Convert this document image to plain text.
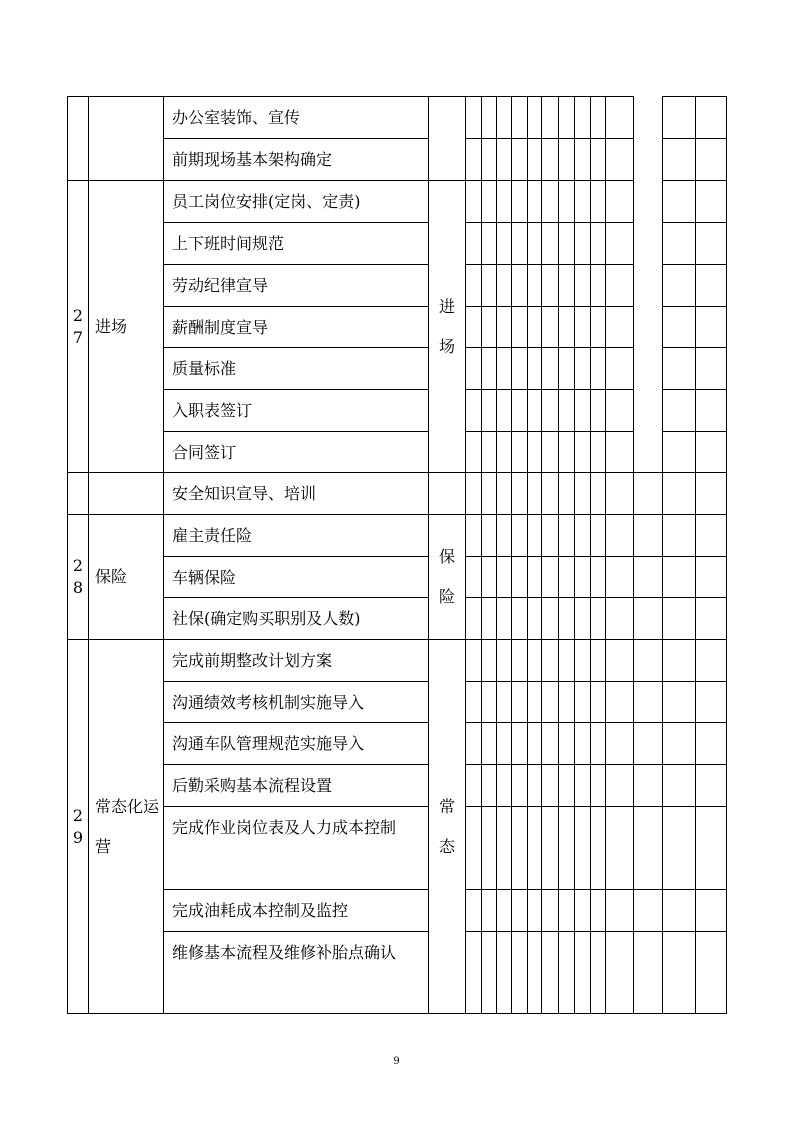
办公室装饰、宣传
前期现场基本架构确定
27
进场
进场
员工岗位安排(定岗、定责)
上下班时间规范
劳动纪律宣导
薪酬制度宣导
质量标准
入职表签订
合同签订
安全知识宣导、培训
28
保险
保险
雇主责任险
车辆保险
社保(确定购买职别及人数)
29
常态化运 营
常态
完成前期整改计划方案
沟通绩效考核机制实施导入
沟通车队管理规范实施导入
后勤采购基本流程设置
完成作业岗位表及人力成本控制
完成油耗成本控制及监控
维修基本流程及维修补胎点确认
9
